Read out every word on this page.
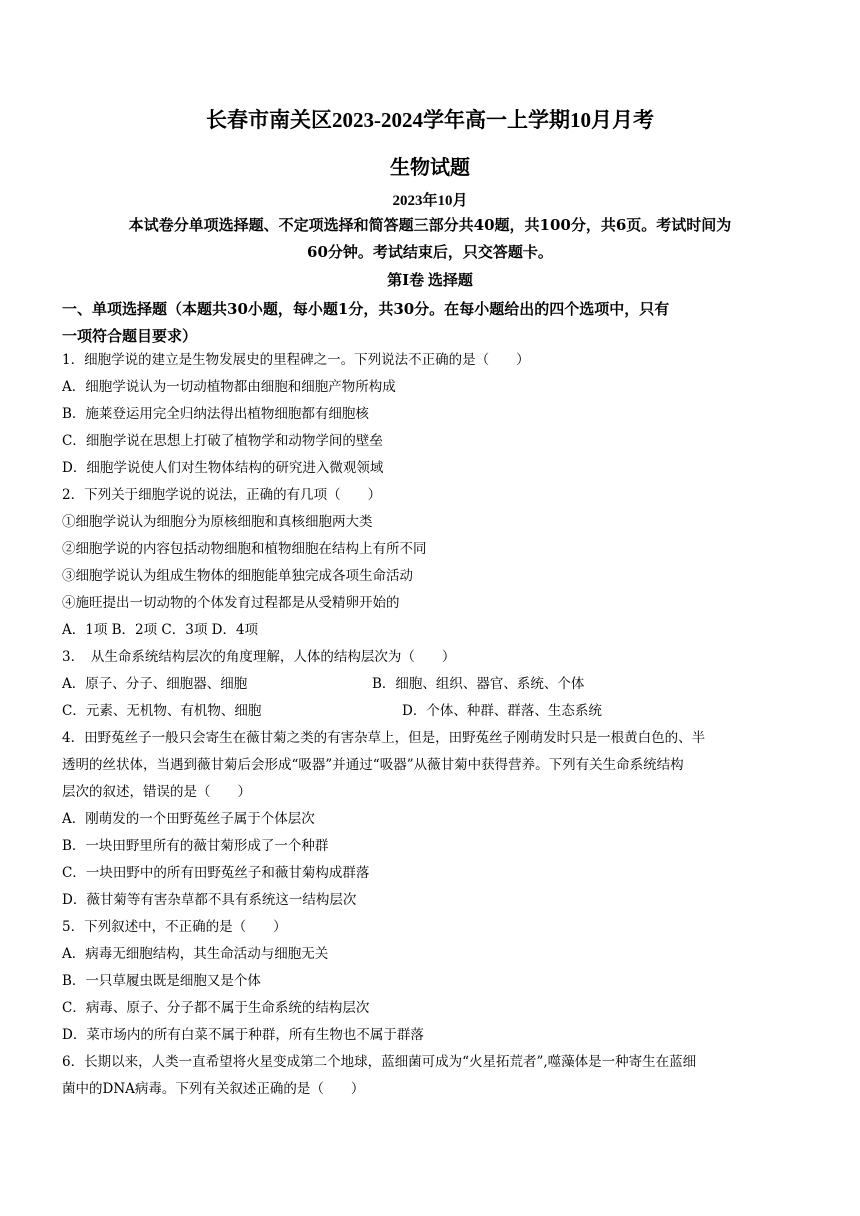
长春市南关区2023-2024学年高一上学期10月月考
生物试题
2023年10月
本试卷分单项选择题、不定项选择和简答题三部分共40题，共100分，共6页。考试时间为
60分钟。考试结束后，只交答题卡。
第Ⅰ卷 选择题
一、单项选择题（本题共30小题，每小题1分，共30分。在每小题给出的四个选项中，只有
一项符合题目要求）
1．细胞学说的建立是生物发展史的里程碑之一。下列说法不正确的是（　　）
A．细胞学说认为一切动植物都由细胞和细胞产物所构成
B．施莱登运用完全归纳法得出植物细胞都有细胞核
C．细胞学说在思想上打破了植物学和动物学间的壁垒
D．细胞学说使人们对生物体结构的研究进入微观领域
2．下列关于细胞学说的说法，正确的有几项（　　）
①细胞学说认为细胞分为原核细胞和真核细胞两大类
②细胞学说的内容包括动物细胞和植物细胞在结构上有所不同
③细胞学说认为组成生物体的细胞能单独完成各项生命活动
④施旺提出一切动物的个体发育过程都是从受精卵开始的
A．1项 B．2项 C．3项 D．4项
3．　从生命系统结构层次的角度理解，人体的结构层次为（　　）
A．原子、分子、细胞器、细胞	B．细胞、组织、器官、系统、个体
C．元素、无机物、有机物、细胞	D．个体、种群、群落、生态系统
4．田野菟丝子一般只会寄生在薇甘菊之类的有害杂草上，但是，田野菟丝子刚萌发时只是一根黄白色的、半
透明的丝状体，当遇到薇甘菊后会形成“吸器”并通过“吸器”从薇甘菊中获得营养。下列有关生命系统结构
层次的叙述，错误的是（　　）
A．刚萌发的一个田野菟丝子属于个体层次
B．一块田野里所有的薇甘菊形成了一个种群
C．一块田野中的所有田野菟丝子和薇甘菊构成群落
D．薇甘菊等有害杂草都不具有系统这一结构层次
5．下列叙述中，不正确的是（　　）
A．病毒无细胞结构，其生命活动与细胞无关
B．一只草履虫既是细胞又是个体
C．病毒、原子、分子都不属于生命系统的结构层次
D．菜市场内的所有白菜不属于种群，所有生物也不属于群落
6．长期以来，人类一直希望将火星变成第二个地球，蓝细菌可成为“火星拓荒者”,噬藻体是一种寄生在蓝细
菌中的DNA病毒。下列有关叙述正确的是（　　）
